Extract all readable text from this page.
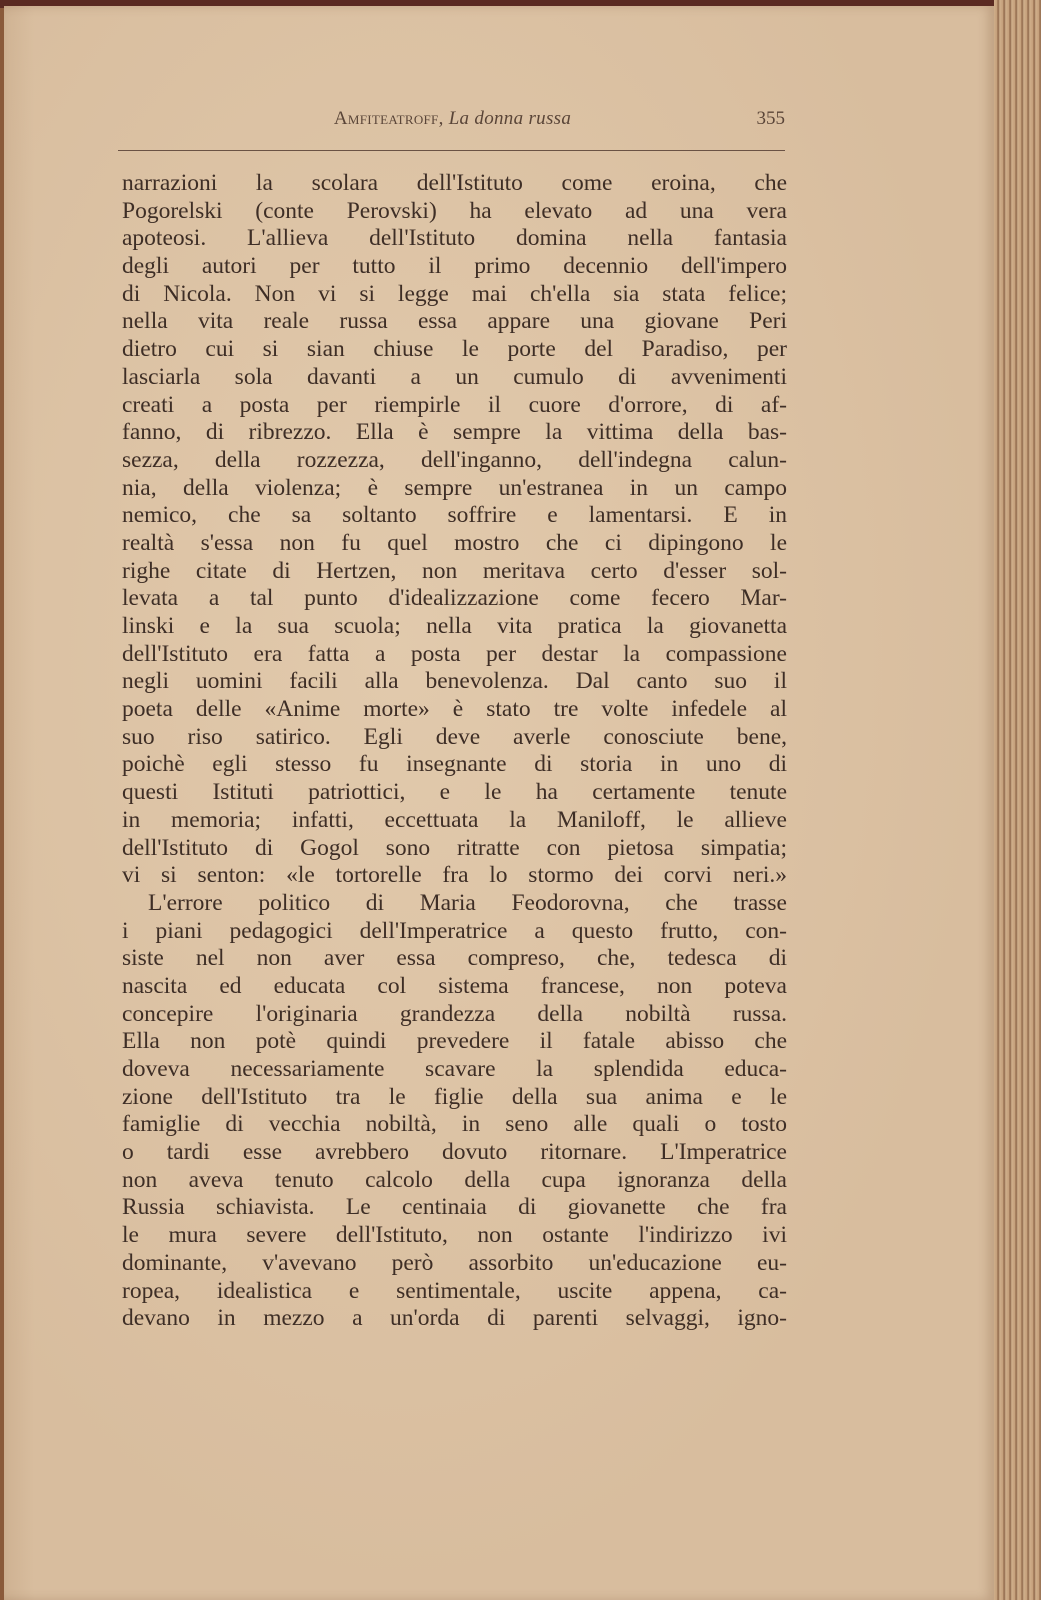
Amfiteatroff, La donna russa	355
narrazioni la scolara dell'Istituto come eroina, che
Pogorelski (conte Perovski) ha elevato ad una vera
apoteosi. L'allieva dell'Istituto domina nella fantasia
degli autori per tutto il primo decennio dell'impero
di Nicola. Non vi si legge mai ch'ella sia stata felice;
nella vita reale russa essa appare una giovane Peri
dietro cui si sian chiuse le porte del Paradiso, per
lasciarla sola davanti a un cumulo di avvenimenti
creati a posta per riempirle il cuore d'orrore, di af-
fanno, di ribrezzo. Ella è sempre la vittima della bas-
sezza, della rozzezza, dell'inganno, dell'indegna calun-
nia, della violenza; è sempre un'estranea in un campo
nemico, che sa soltanto soffrire e lamentarsi. E in
realtà s'essa non fu quel mostro che ci dipingono le
righe citate di Hertzen, non meritava certo d'esser sol-
levata a tal punto d'idealizzazione come fecero Mar-
linski e la sua scuola; nella vita pratica la giovanetta
dell'Istituto era fatta a posta per destar la compassione
negli uomini facili alla benevolenza. Dal canto suo il
poeta delle «Anime morte» è stato tre volte infedele al
suo riso satirico. Egli deve averle conosciute bene,
poichè egli stesso fu insegnante di storia in uno di
questi Istituti patriottici, e le ha certamente tenute
in memoria; infatti, eccettuata la Maniloff, le allieve
dell'Istituto di Gogol sono ritratte con pietosa simpatia;
vi si senton: «le tortorelle fra lo stormo dei corvi neri.»
L'errore politico di Maria Feodorovna, che trasse
i piani pedagogici dell'Imperatrice a questo frutto, con-
siste nel non aver essa compreso, che, tedesca di
nascita ed educata col sistema francese, non poteva
concepire l'originaria grandezza della nobiltà russa.
Ella non potè quindi prevedere il fatale abisso che
doveva necessariamente scavare la splendida educa-
zione dell'Istituto tra le figlie della sua anima e le
famiglie di vecchia nobiltà, in seno alle quali o tosto
o tardi esse avrebbero dovuto ritornare. L'Imperatrice
non aveva tenuto calcolo della cupa ignoranza della
Russia schiavista. Le centinaia di giovanette che fra
le mura severe dell'Istituto, non ostante l'indirizzo ivi
dominante, v'avevano però assorbito un'educazione eu-
ropea, idealistica e sentimentale, uscite appena, ca-
devano in mezzo a un'orda di parenti selvaggi, igno-
